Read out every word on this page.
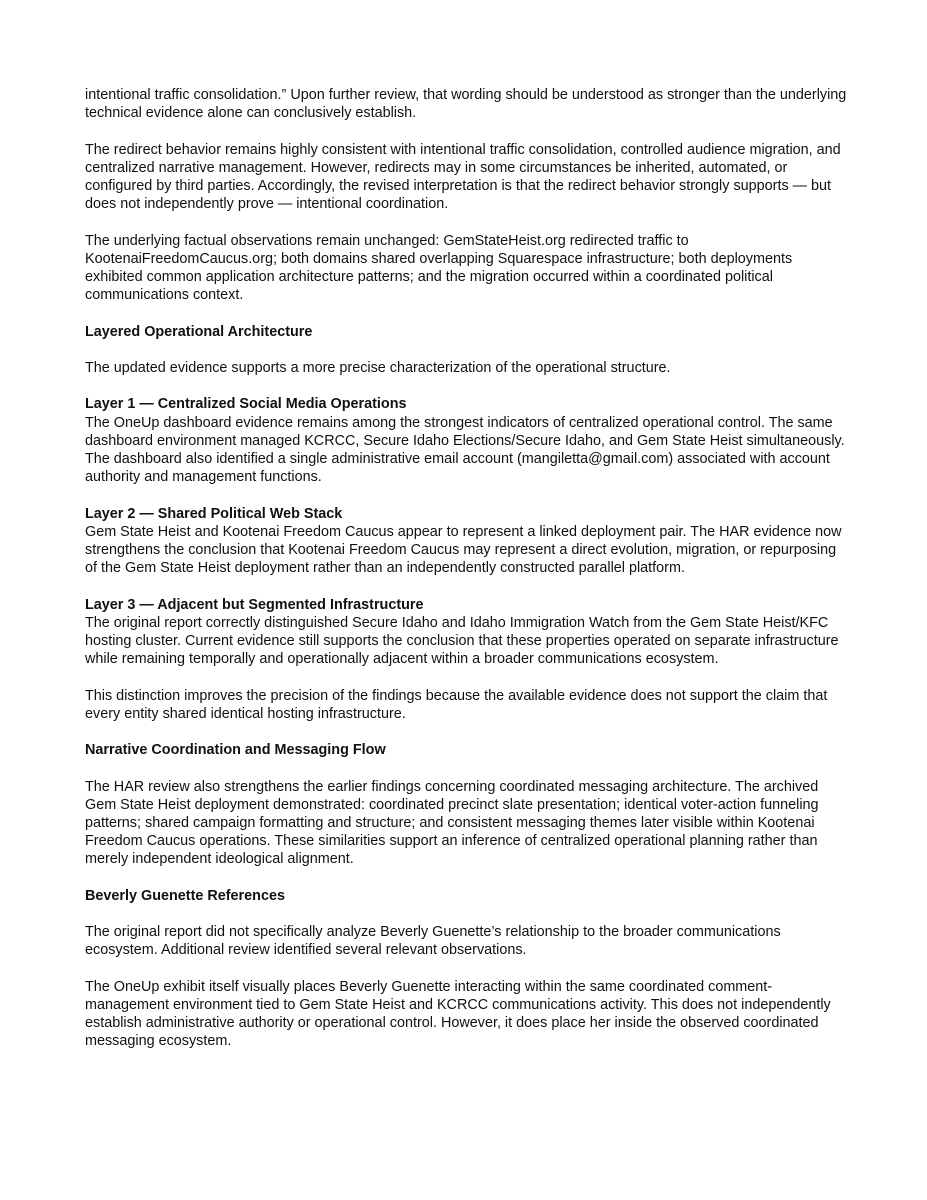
intentional traffic consolidation.” Upon further review, that wording should be understood as stronger than the underlying technical evidence alone can conclusively establish.

The redirect behavior remains highly consistent with intentional traffic consolidation, controlled audience migration, and centralized narrative management. However, redirects may in some circumstances be inherited, automated, or configured by third parties. Accordingly, the revised interpretation is that the redirect behavior strongly supports — but does not independently prove — intentional coordination.

The underlying factual observations remain unchanged: GemStateHeist.org redirected traffic to KootenaiFreedomCaucus.org; both domains shared overlapping Squarespace infrastructure; both deployments exhibited common application architecture patterns; and the migration occurred within a coordinated political communications context.

Layered Operational Architecture

The updated evidence supports a more precise characterization of the operational structure.

Layer 1 — Centralized Social Media Operations

The OneUp dashboard evidence remains among the strongest indicators of centralized operational control. The same dashboard environment managed KCRCC, Secure Idaho Elections/Secure Idaho, and Gem State Heist simultaneously. The dashboard also identified a single administrative email account (mangiletta@gmail.com) associated with account authority and management functions.

Layer 2 — Shared Political Web Stack

Gem State Heist and Kootenai Freedom Caucus appear to represent a linked deployment pair. The HAR evidence now strengthens the conclusion that Kootenai Freedom Caucus may represent a direct evolution, migration, or repurposing of the Gem State Heist deployment rather than an independently constructed parallel platform.

Layer 3 — Adjacent but Segmented Infrastructure

The original report correctly distinguished Secure Idaho and Idaho Immigration Watch from the Gem State Heist/KFC hosting cluster. Current evidence still supports the conclusion that these properties operated on separate infrastructure while remaining temporally and operationally adjacent within a broader communications ecosystem.

This distinction improves the precision of the findings because the available evidence does not support the claim that every entity shared identical hosting infrastructure.

Narrative Coordination and Messaging Flow

The HAR review also strengthens the earlier findings concerning coordinated messaging architecture. The archived Gem State Heist deployment demonstrated: coordinated precinct slate presentation; identical voter-action funneling patterns; shared campaign formatting and structure; and consistent messaging themes later visible within Kootenai Freedom Caucus operations. These similarities support an inference of centralized operational planning rather than merely independent ideological alignment.

Beverly Guenette References

The original report did not specifically analyze Beverly Guenette’s relationship to the broader communications ecosystem. Additional review identified several relevant observations.

The OneUp exhibit itself visually places Beverly Guenette interacting within the same coordinated comment-management environment tied to Gem State Heist and KCRCC communications activity. This does not independently establish administrative authority or operational control. However, it does place her inside the observed coordinated messaging ecosystem.
